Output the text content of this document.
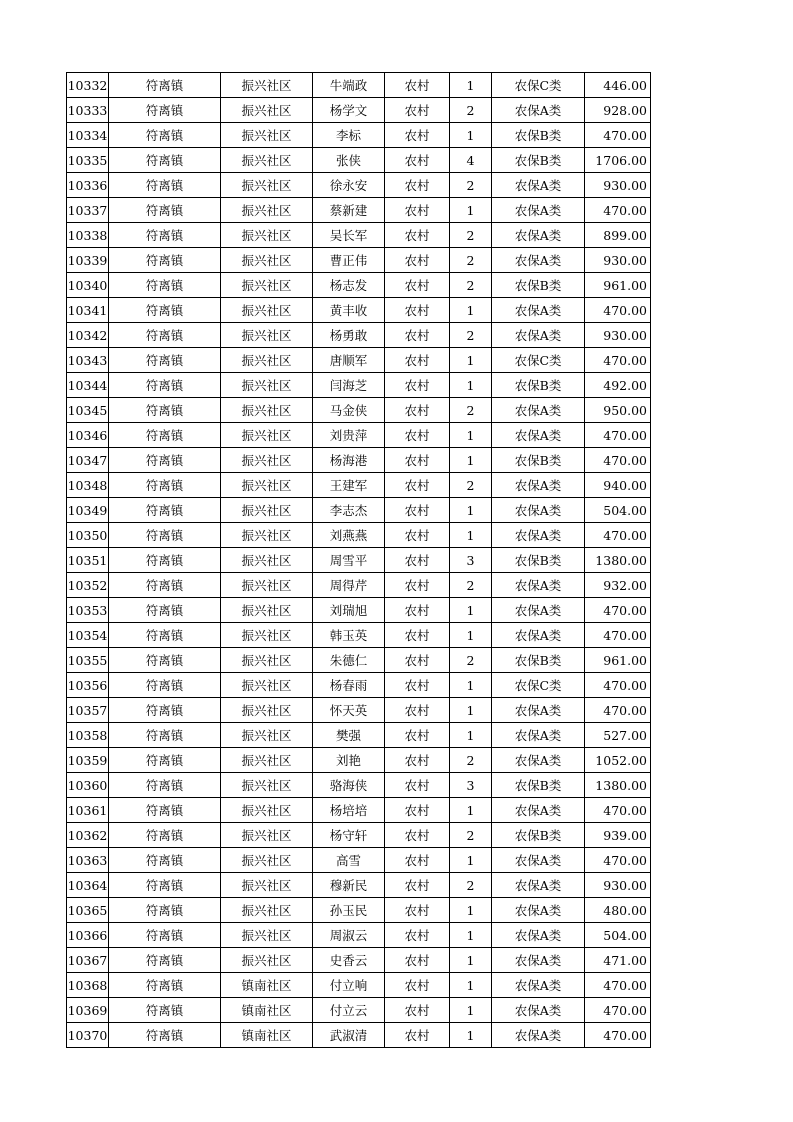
10332	符离镇	振兴社区	牛端政	农村	1	农保C类	446.00
10333	符离镇	振兴社区	杨学文	农村	2	农保A类	928.00
10334	符离镇	振兴社区	李标	农村	1	农保B类	470.00
10335	符离镇	振兴社区	张侠	农村	4	农保B类	1706.00
10336	符离镇	振兴社区	徐永安	农村	2	农保A类	930.00
10337	符离镇	振兴社区	蔡新建	农村	1	农保A类	470.00
10338	符离镇	振兴社区	吴长军	农村	2	农保A类	899.00
10339	符离镇	振兴社区	曹正伟	农村	2	农保A类	930.00
10340	符离镇	振兴社区	杨志发	农村	2	农保B类	961.00
10341	符离镇	振兴社区	黄丰收	农村	1	农保A类	470.00
10342	符离镇	振兴社区	杨勇敢	农村	2	农保A类	930.00
10343	符离镇	振兴社区	唐顺军	农村	1	农保C类	470.00
10344	符离镇	振兴社区	闫海芝	农村	1	农保B类	492.00
10345	符离镇	振兴社区	马金侠	农村	2	农保A类	950.00
10346	符离镇	振兴社区	刘贵萍	农村	1	农保A类	470.00
10347	符离镇	振兴社区	杨海港	农村	1	农保B类	470.00
10348	符离镇	振兴社区	王建军	农村	2	农保A类	940.00
10349	符离镇	振兴社区	李志杰	农村	1	农保A类	504.00
10350	符离镇	振兴社区	刘燕燕	农村	1	农保A类	470.00
10351	符离镇	振兴社区	周雪平	农村	3	农保B类	1380.00
10352	符离镇	振兴社区	周得芹	农村	2	农保A类	932.00
10353	符离镇	振兴社区	刘瑞旭	农村	1	农保A类	470.00
10354	符离镇	振兴社区	韩玉英	农村	1	农保A类	470.00
10355	符离镇	振兴社区	朱德仁	农村	2	农保B类	961.00
10356	符离镇	振兴社区	杨春雨	农村	1	农保C类	470.00
10357	符离镇	振兴社区	怀天英	农村	1	农保A类	470.00
10358	符离镇	振兴社区	樊强	农村	1	农保A类	527.00
10359	符离镇	振兴社区	刘艳	农村	2	农保A类	1052.00
10360	符离镇	振兴社区	骆海侠	农村	3	农保B类	1380.00
10361	符离镇	振兴社区	杨培培	农村	1	农保A类	470.00
10362	符离镇	振兴社区	杨守轩	农村	2	农保B类	939.00
10363	符离镇	振兴社区	高雪	农村	1	农保A类	470.00
10364	符离镇	振兴社区	穆新民	农村	2	农保A类	930.00
10365	符离镇	振兴社区	孙玉民	农村	1	农保A类	480.00
10366	符离镇	振兴社区	周淑云	农村	1	农保A类	504.00
10367	符离镇	振兴社区	史香云	农村	1	农保A类	471.00
10368	符离镇	镇南社区	付立响	农村	1	农保A类	470.00
10369	符离镇	镇南社区	付立云	农村	1	农保A类	470.00
10370	符离镇	镇南社区	武淑清	农村	1	农保A类	470.00
